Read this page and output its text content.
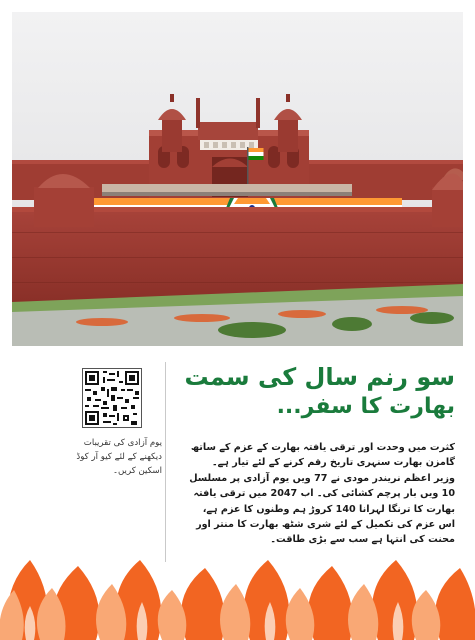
یوم آزادی کی تقریبات
دیکھنے کے لئے کیو آر کوڈ
اسکین کریں۔
سو رنم سال کی سمت
بھارت کا سفر...
کثرت میں وحدت اور ترقی یافتہ بھارت کے عزم کے ساتھ
گامزن بھارت سنہری تاریخ رقم کرنے کے لئے تیار ہے۔
وزیر اعظم نریندر مودی نے 77 ویں یوم آزادی پر مسلسل
10 ویں بار پرچم کشائی کی۔ اب 2047 میں ترقی یافتہ
بھارت کا ترنگا لہرانا 140 کروڑ ہم وطنوں کا عزم ہے،
اس عزم کی تکمیل کے لئے شری شٹھ بھارت کا منتر اور
محنت کی انتہا ہے سب سے بڑی طاقت۔
